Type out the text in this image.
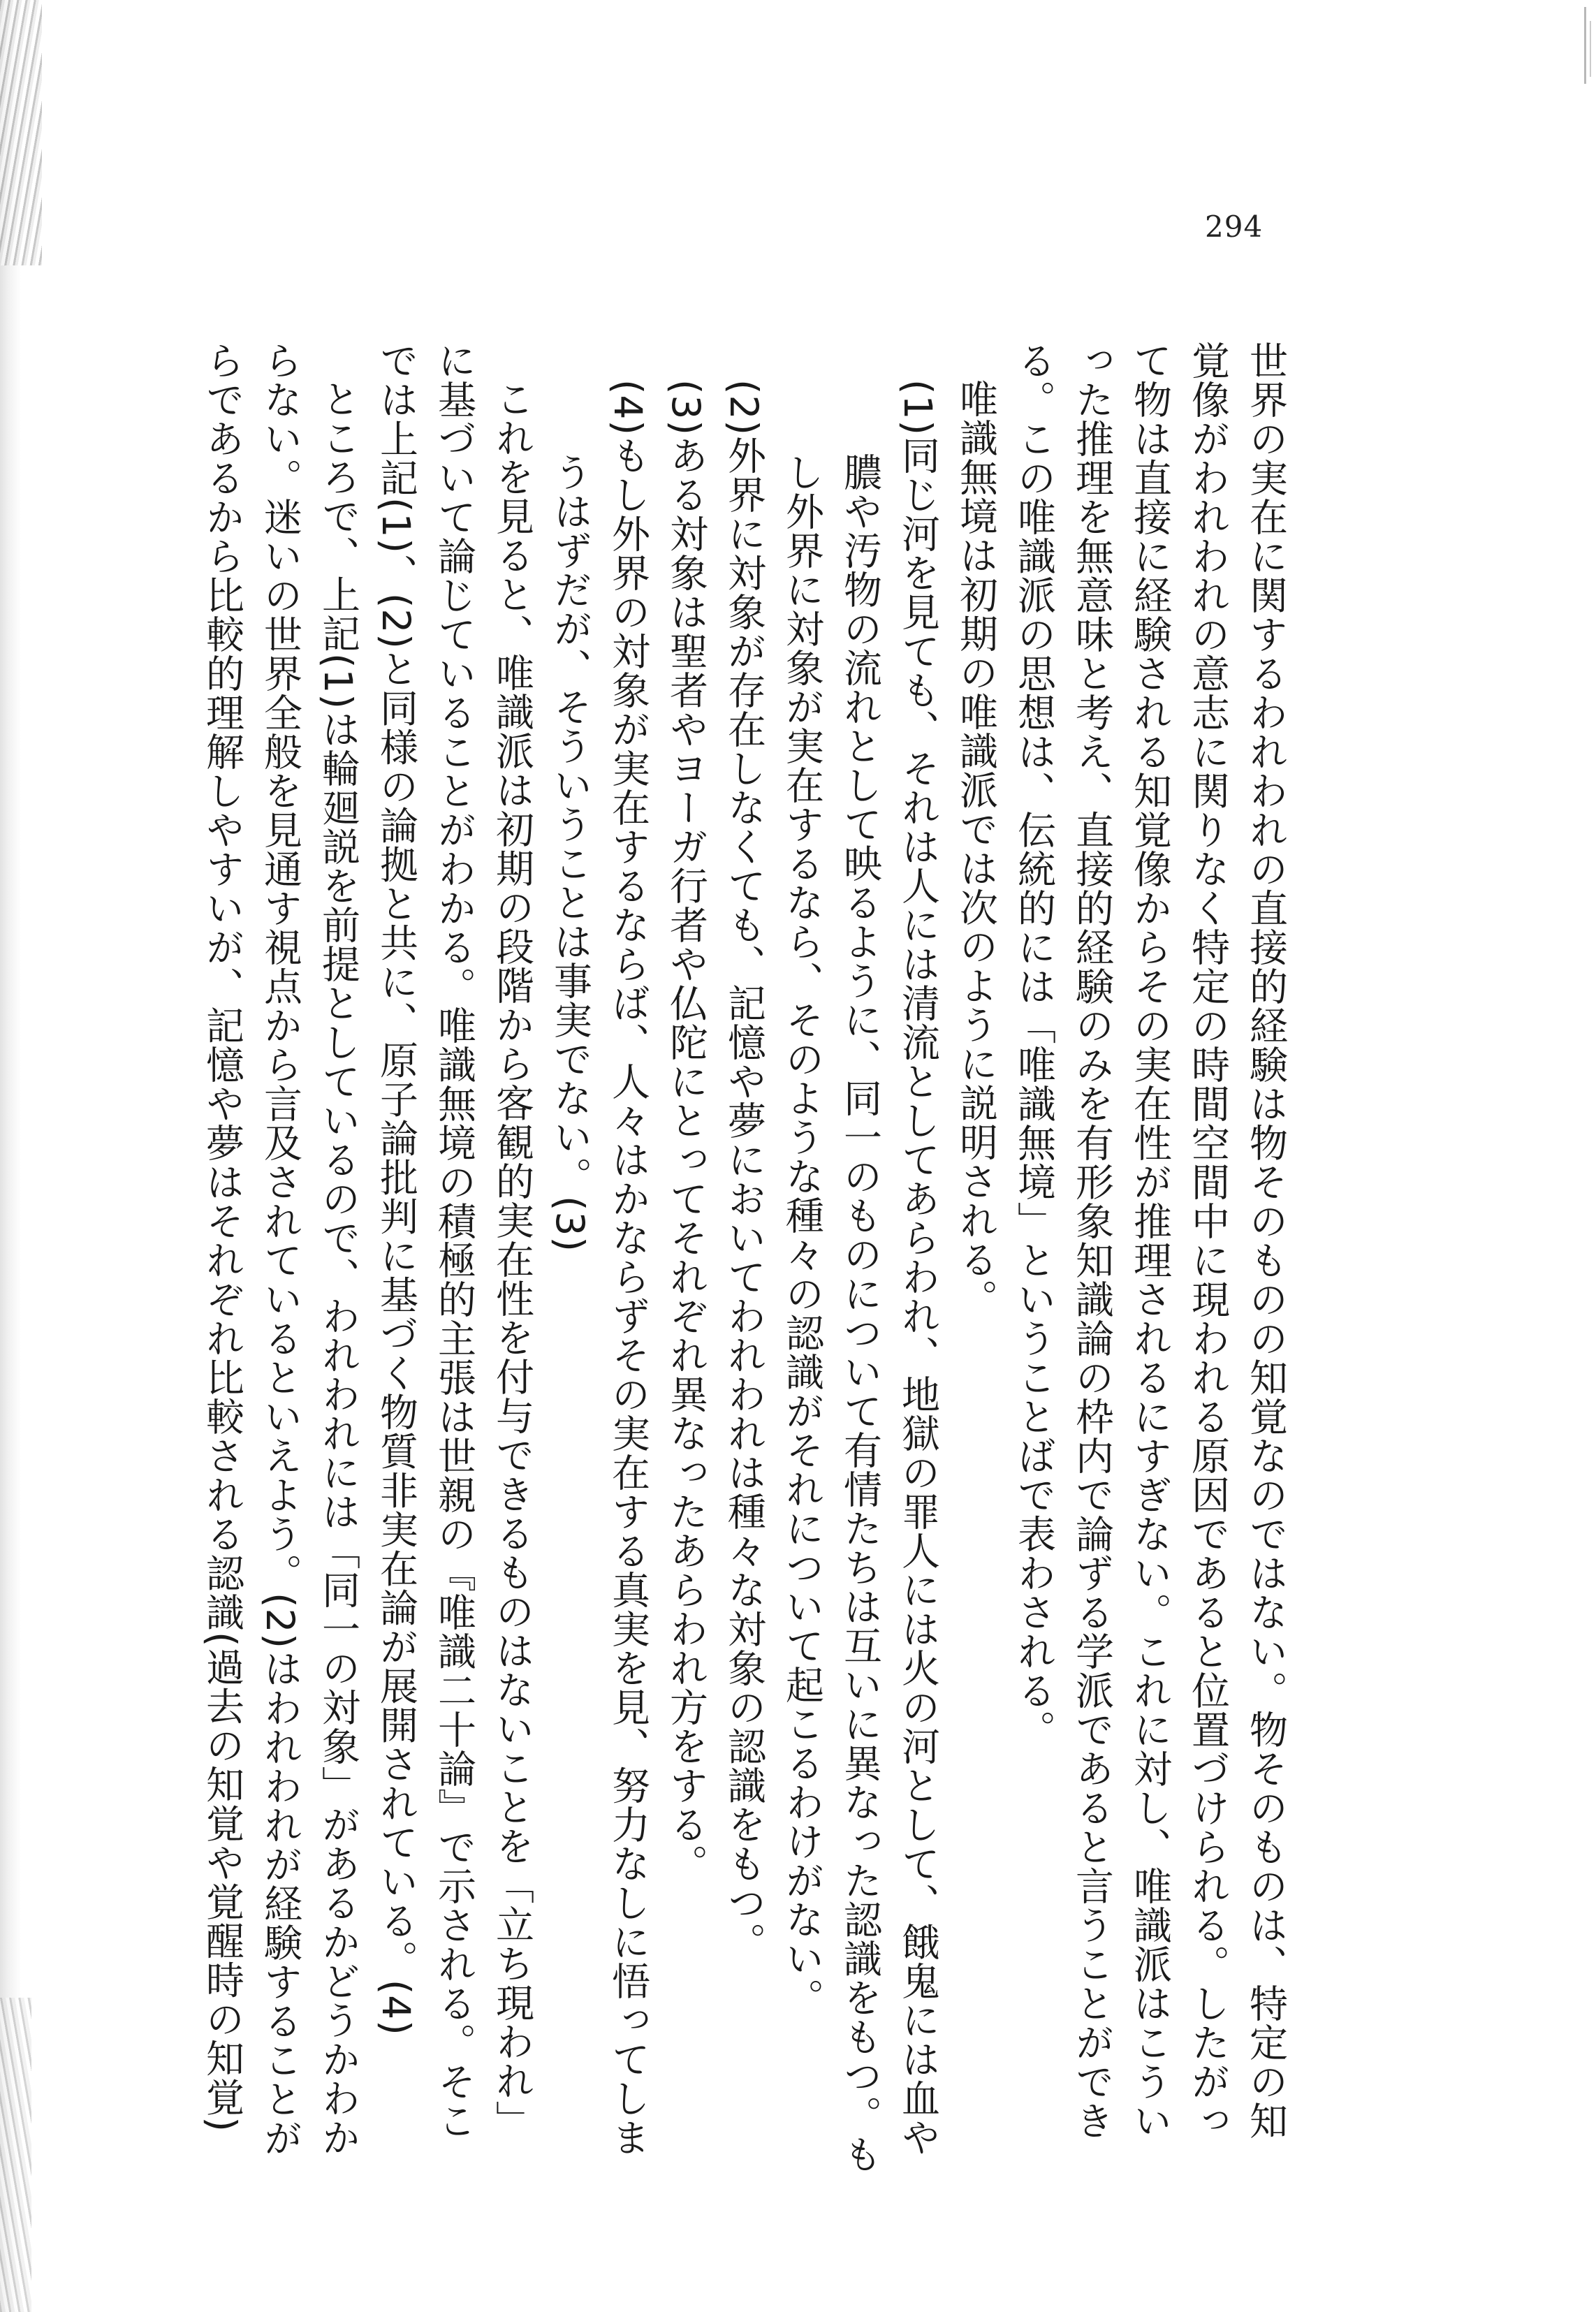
294
世界の実在に関するわれわれの直接的経験は物そのものの知覚なのではない。物そのものは、特定の知
覚像がわれわれの意志に関りなく特定の時間空間中に現われる原因であると位置づけられる。したがっ
て物は直接に経験される知覚像からその実在性が推理されるにすぎない。これに対し、唯識派はこうい
った推理を無意味と考え、直接的経験のみを有形象知識論の枠内で論ずる学派であると言うことができ
る。この唯識派の思想は、伝統的には「唯識無境」ということばで表わされる。
唯識無境は初期の唯識派では次のように説明される。
(1)同じ河を見ても、それは人には清流としてあらわれ、地獄の罪人には火の河として、餓鬼には血や
膿や汚物の流れとして映るように、同一のものについて有情たちは互いに異なった認識をもつ。も
し外界に対象が実在するなら、そのような種々の認識がそれについて起こるわけがない。
(2)外界に対象が存在しなくても、記憶や夢においてわれわれは種々な対象の認識をもつ。
(3)ある対象は聖者やヨーガ行者や仏陀にとってそれぞれ異なったあらわれ方をする。
(4)もし外界の対象が実在するならば、人々はかならずその実在する真実を見、努力なしに悟ってしま
うはずだが、そういうことは事実でない。(3)
これを見ると、唯識派は初期の段階から客観的実在性を付与できるものはないことを「立ち現われ」
に基づいて論じていることがわかる。唯識無境の積極的主張は世親の『唯識二十論』で示される。そこ
では上記(1)、(2)と同様の論拠と共に、原子論批判に基づく物質非実在論が展開されている。(4)
ところで、上記(1)は輪廻説を前提としているので、われわれには「同一の対象」があるかどうかわか
らない。迷いの世界全般を見通す視点から言及されているといえよう。(2)はわれわれが経験することが
らであるから比較的理解しやすいが、記憶や夢はそれぞれ比較される認識(過去の知覚や覚醒時の知覚)
